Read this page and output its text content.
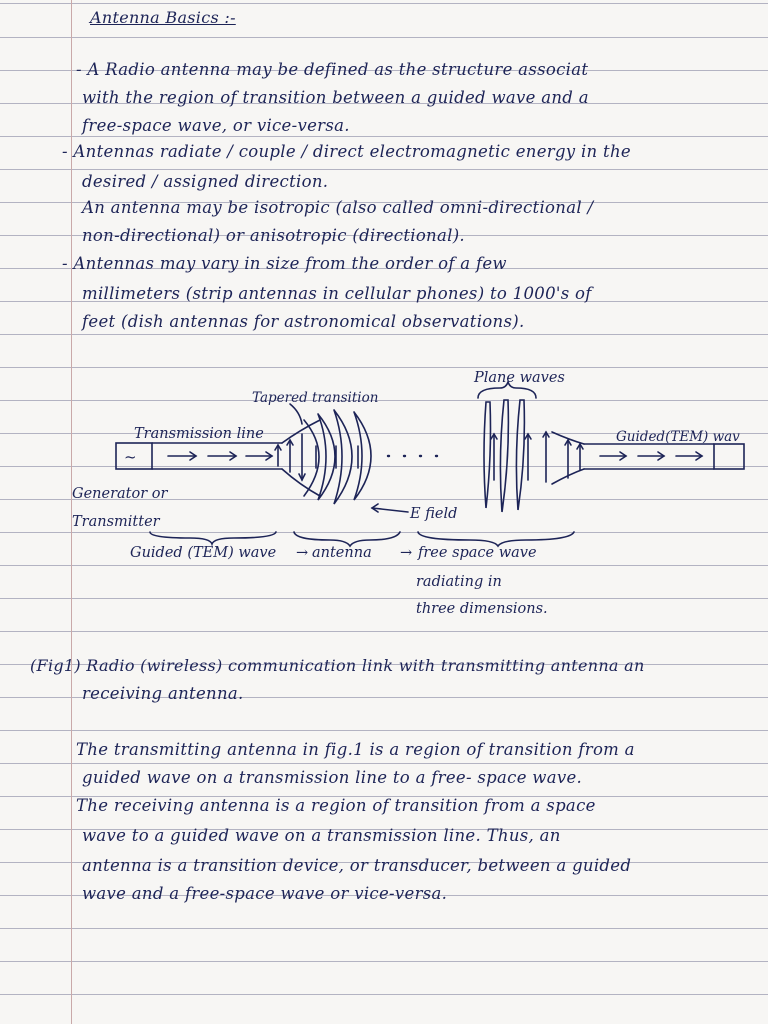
Antenna Basics :-
- A Radio antenna may be defined as the structure associat
with the region of transition between a guided wave and a
free-space wave, or vice-versa.
- Antennas radiate / couple / direct electromagnetic energy in the
desired / assigned direction.
An antenna may be isotropic (also called omni-directional /
non-directional) or anisotropic (directional).
- Antennas may vary in size from the order of a few
millimeters (strip antennas in cellular phones) to 1000's of
feet (dish antennas for astronomical observations).
Plane waves
Tapered transition
Transmission line	Guided(TEM) wav
~
Generator or
Transmitter	E field
Guided (TEM) wave → antenna → free space wave
radiating in
three dimensions.
(Fig1) Radio (wireless) communication link with transmitting antenna an
receiving antenna.
The transmitting antenna in fig.1 is a region of transition from a
guided wave on a transmission line to a free- space wave.
The receiving antenna is a region of transition from a space
wave to a guided wave on a transmission line. Thus, an
antenna is a transition device, or transducer, between a guided
wave and a free-space wave or vice-versa.
